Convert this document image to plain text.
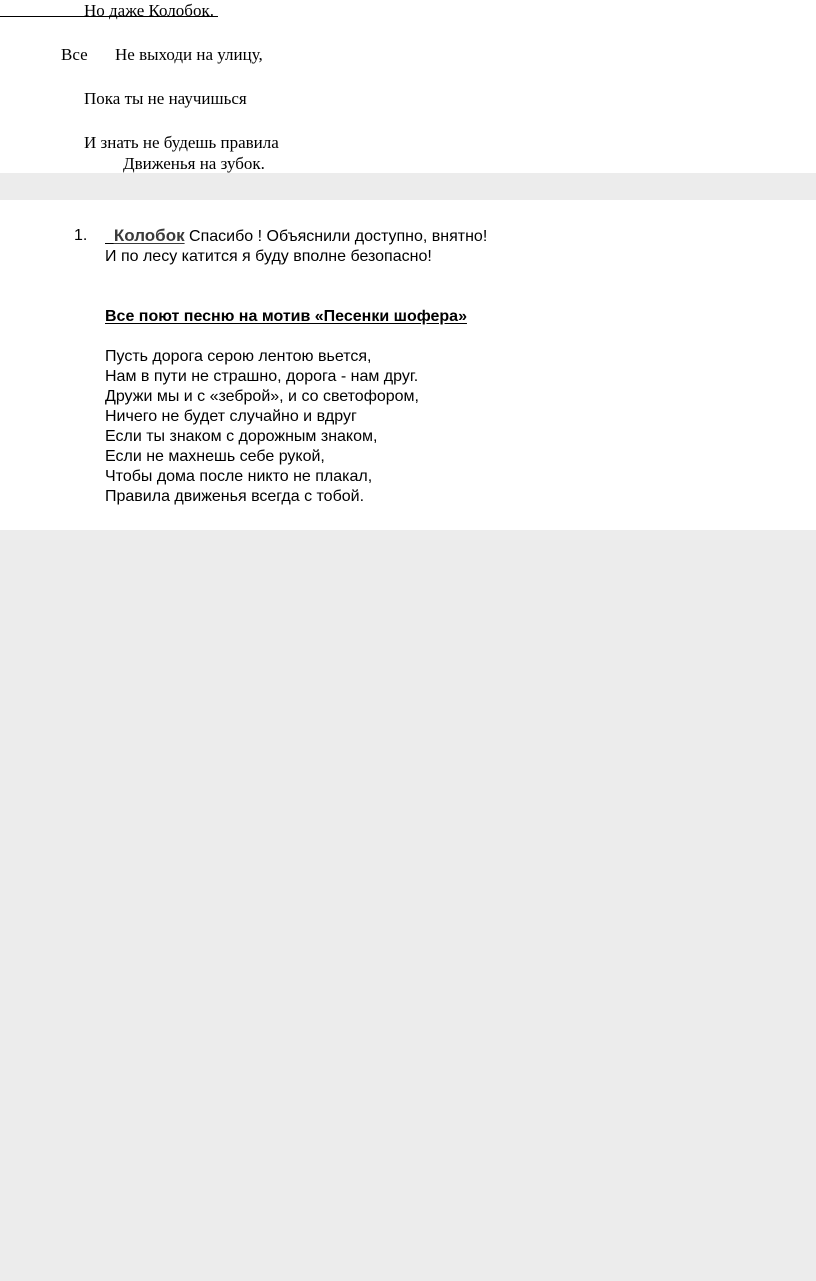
Но даже Колобок.
Все Не выходи на улицу,
Пока ты не научишься
И знать не будешь правила
Движенья на зубок.
1.	Колобок Спасибо ! Объяснили доступно, внятно!
И по лесу катится я буду вполне безопасно!
Все поют песню на мотив «Песенки шофера»
Пусть дорога серою лентою вьется,
Нам в пути не страшно, дорога - нам друг.
Дружи мы и с «зеброй», и со светофором,
Ничего не будет случайно и вдруг
Если ты знаком с дорожным знаком,
Если не махнешь себе рукой,
Чтобы дома после никто не плакал,
Правила движенья всегда с тобой.
